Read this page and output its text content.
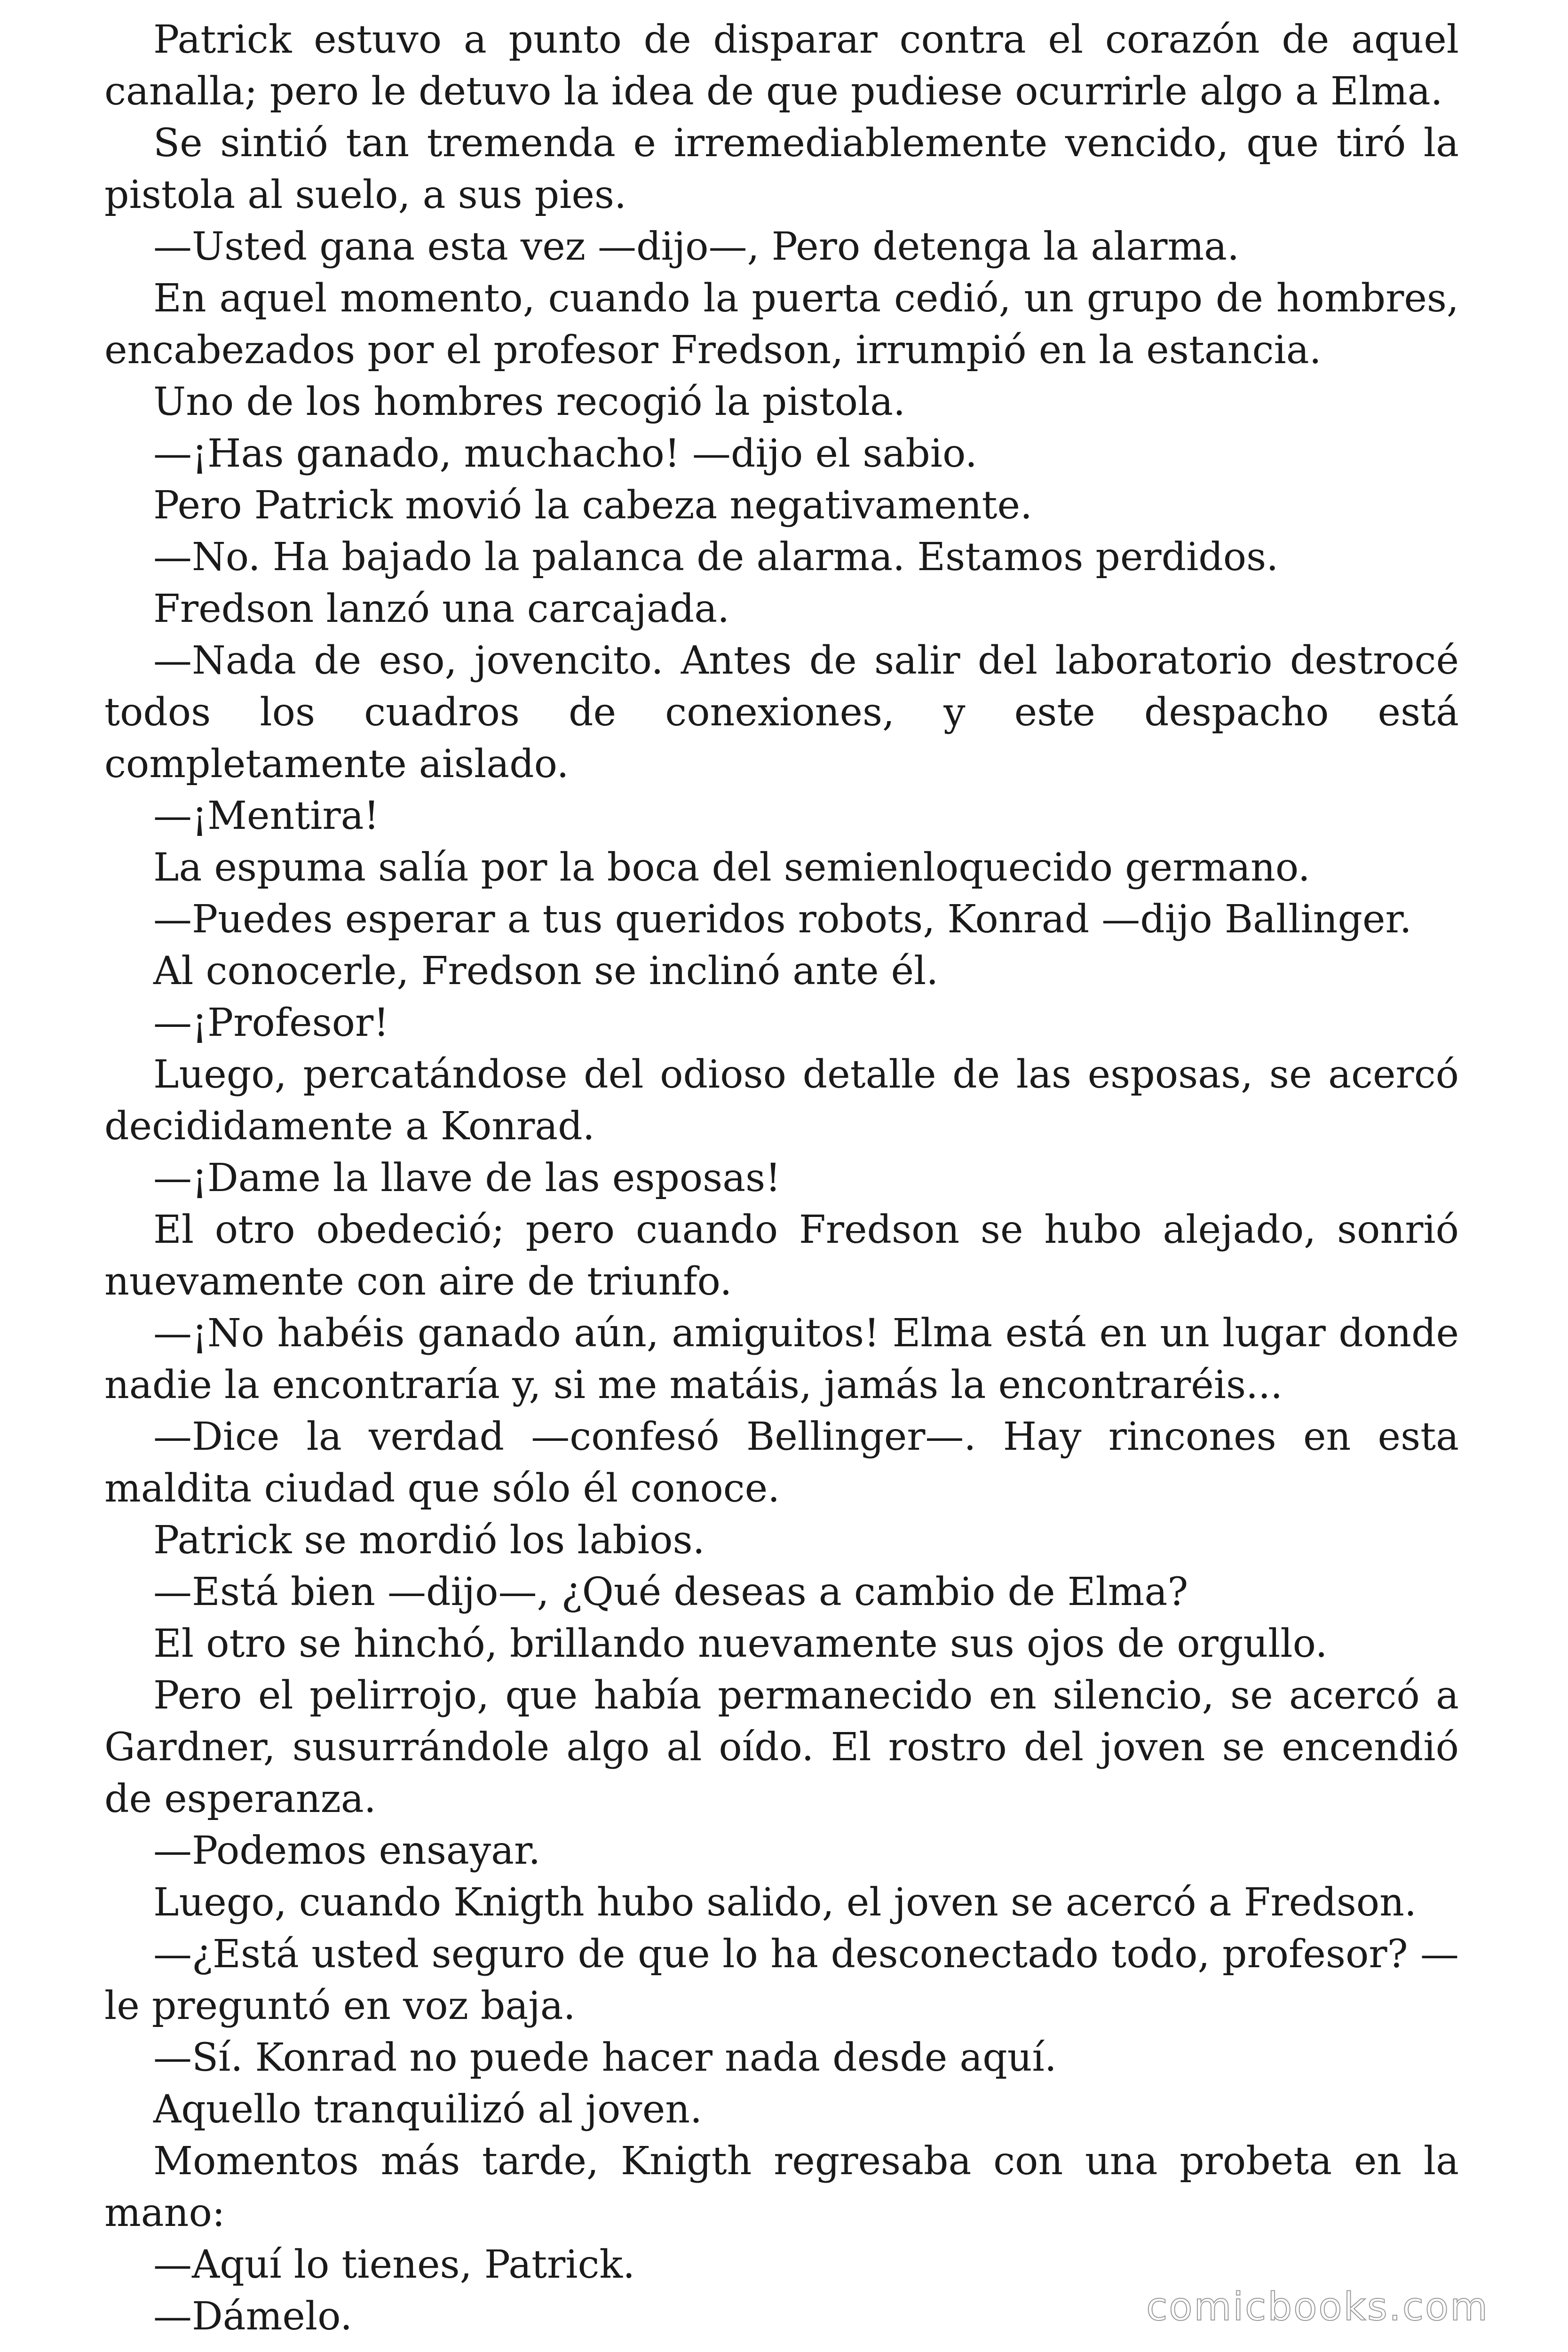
Patrick estuvo a punto de disparar contra el corazón de aquel canalla; pero le detuvo la idea de que pudiese ocurrirle algo a Elma.

Se sintió tan tremenda e irremediablemente vencido, que tiró la pistola al suelo, a sus pies.

—Usted gana esta vez —dijo—, Pero detenga la alarma.

En aquel momento, cuando la puerta cedió, un grupo de hombres, encabezados por el profesor Fredson, irrumpió en la estancia.

Uno de los hombres recogió la pistola.

—¡Has ganado, muchacho! —dijo el sabio.

Pero Patrick movió la cabeza negativamente.

—No. Ha bajado la palanca de alarma. Estamos perdidos.

Fredson lanzó una carcajada.

—Nada de eso, jovencito. Antes de salir del laboratorio destrocé todos los cuadros de conexiones, y este despacho está completamente aislado.

—¡Mentira!

La espuma salía por la boca del semienloquecido germano.

—Puedes esperar a tus queridos robots, Konrad —dijo Ballinger.

Al conocerle, Fredson se inclinó ante él.

—¡Profesor!

Luego, percatándose del odioso detalle de las esposas, se acercó decididamente a Konrad.

—¡Dame la llave de las esposas!

El otro obedeció; pero cuando Fredson se hubo alejado, sonrió nuevamente con aire de triunfo.

—¡No habéis ganado aún, amiguitos! Elma está en un lugar donde nadie la encontraría y, si me matáis, jamás la encontraréis...

—Dice la verdad —confesó Bellinger—. Hay rincones en esta maldita ciudad que sólo él conoce.

Patrick se mordió los labios.

—Está bien —dijo—, ¿Qué deseas a cambio de Elma?

El otro se hinchó, brillando nuevamente sus ojos de orgullo.

Pero el pelirrojo, que había permanecido en silencio, se acercó a Gardner, susurrándole algo al oído. El rostro del joven se encendió de esperanza.

—Podemos ensayar.

Luego, cuando Knigth hubo salido, el joven se acercó a Fredson.

—¿Está usted seguro de que lo ha desconectado todo, profesor? —le preguntó en voz baja.

—Sí. Konrad no puede hacer nada desde aquí.

Aquello tranquilizó al joven.

Momentos más tarde, Knigth regresaba con una probeta en la mano:

—Aquí lo tienes, Patrick.

—Dámelo.	comicbooks.com
